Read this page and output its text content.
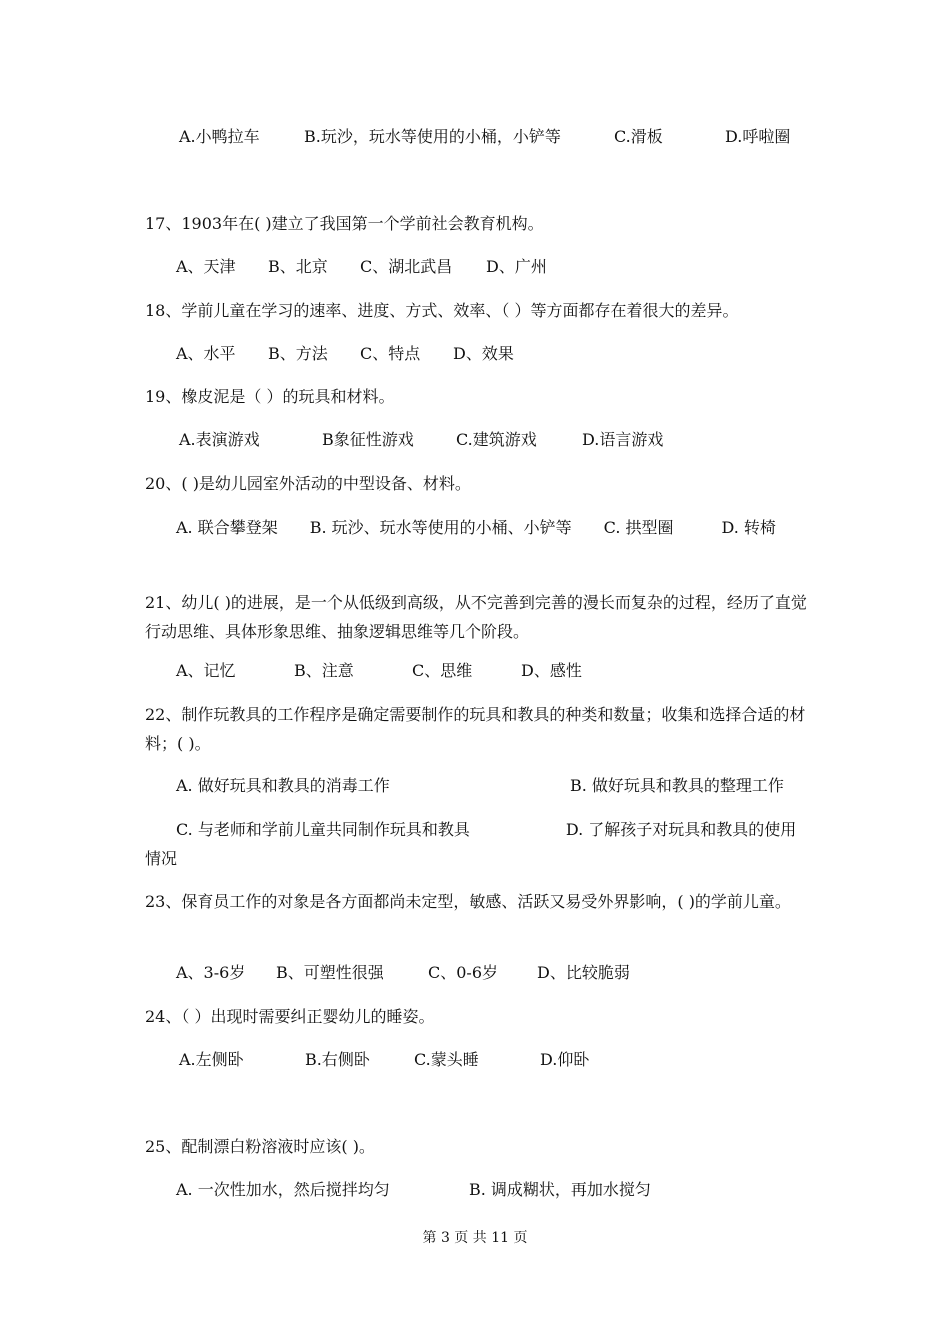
A.小鸭拉车	B.玩沙，玩水等使用的小桶，小铲等	C.滑板	D.呼啦圈
17、1903年在( )建立了我国第一个学前社会教育机构。
A、天津 B、北京 C、湖北武昌 D、广州
18、学前儿童在学习的速率、进度、方式、效率、（ ）等方面都存在着很大的差异。
A、水平 B、方法 C、特点 D、效果
19、橡皮泥是（ ）的玩具和材料。
A.表演游戏	B象征性游戏	C.建筑游戏	D.语言游戏
20、( )是幼儿园室外活动的中型设备、材料。
A. 联合攀登架　　B. 玩沙、玩水等使用的小桶、小铲等　　C. 拱型圈　　　D. 转椅
21、幼儿( )的进展，是一个从低级到高级，从不完善到完善的漫长而复杂的过程，经历了直觉行动思维、具体形象思维、抽象逻辑思维等几个阶段。
A、记忆	B、注意	C、思维	D、感性
22、制作玩教具的工作程序是确定需要制作的玩具和教具的种类和数量；收集和选择合适的材料；( )。
A. 做好玩具和教具的消毒工作	B. 做好玩具和教具的整理工作
C. 与老师和学前儿童共同制作玩具和教具　　　　　　D. 了解孩子对玩具和教具的使用情况
23、保育员工作的对象是各方面都尚未定型，敏感、活跃又易受外界影响，( )的学前儿童。
A、3-6岁 B、可塑性很强	C、0-6岁 D、比较脆弱
24、（ ）出现时需要纠正婴幼儿的睡姿。
A.左侧卧	B.右侧卧	C.蒙头睡	D.仰卧
25、配制漂白粉溶液时应该( )。
A. 一次性加水，然后搅拌均匀	B. 调成糊状，再加水搅匀
第 3 页 共 11 页
